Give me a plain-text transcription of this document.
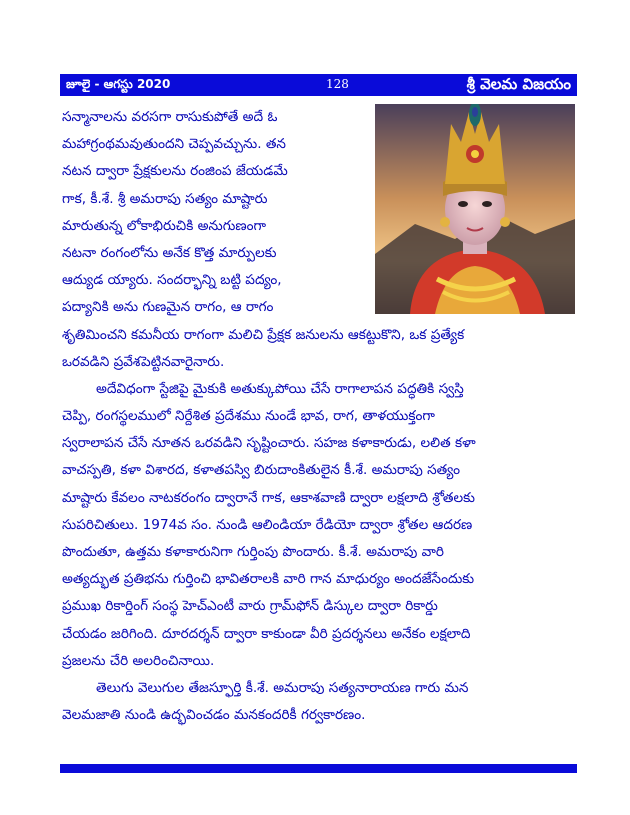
జూలై - ఆగస్టు 2020	128	శ్రీ వెలమ విజయం
సన్మానాలను వరసగా రాసుకుపోతే అదే ఓ
మహాగ్రంథమవుతుందని చెప్పవచ్చును. తన
నటన ద్వారా ప్రేక్షకులను రంజింప జేయడమే
గాక, కీ.శే. శ్రీ అమరాపు సత్యం మాష్టారు
మారుతున్న లోకాభిరుచికి అనుగుణంగా
నటనా రంగంలోను అనేక కొత్త మార్పులకు
ఆద్యుడ య్యారు. సందర్భాన్ని బట్టి పద్యం,
పద్యానికి అను గుణమైన రాగం, ఆ రాగం
శృతిమించని కమనీయ రాగంగా మలిచి ప్రేక్షక జనులను ఆకట్టుకొని, ఒక ప్రత్యేక
ఒరవడిని ప్రవేశపెట్టినవారైనారు.
అదేవిధంగా స్టేజిపై మైకుకి అతుక్కుపోయి చేసే రాగాలాపన పద్ధతికి స్వస్తి
చెప్పి, రంగస్థలములో నిర్దేశిత ప్రదేశము నుండే భావ, రాగ, తాళయుక్తంగా
స్వరాలాపన చేసే నూతన ఒరవడిని సృష్టించారు. సహజ కళాకారుడు, లలిత కళా
వాచస్పతి, కళా విశారద, కళాతపస్వి బిరుదాంకితులైన కీ.శే. అమరాపు సత్యం
మాష్టారు కేవలం నాటకరంగం ద్వారానే గాక, ఆకాశవాణి ద్వారా లక్షలాది శ్రోతలకు
సుపరిచితులు. 1974వ సం. నుండి ఆలిండియా రేడియో ద్వారా శ్రోతల ఆదరణ
పొందుతూ, ఉత్తమ కళాకారునిగా గుర్తింపు పొందారు. కీ.శే. అమరాపు వారి
అత్యద్భుత ప్రతిభను గుర్తించి భావితరాలకి వారి గాన మాధుర్యం అందజేసేందుకు
ప్రముఖ రికార్డింగ్ సంస్థ హెచ్ఎంటీ వారు గ్రామ్‌ఫోన్ డిస్కుల ద్వారా రికార్డు
చేయడం జరిగింది. దూరదర్శన్ ద్వారా కాకుండా వీరి ప్రదర్శనలు అనేకం లక్షలాది
ప్రజలను చేరి అలరించినాయి.
తెలుగు వెలుగుల తేజస్ఫూర్తి కీ.శే. అమరాపు సత్యనారాయణ గారు మన
వెలమజాతి నుండి ఉద్భవించడం మనకందరికీ గర్వకారణం.
